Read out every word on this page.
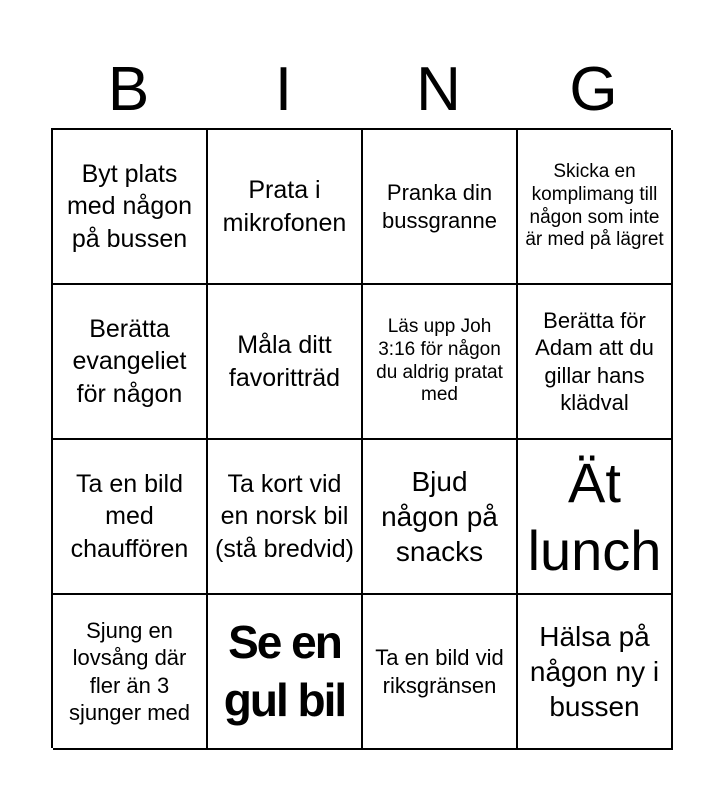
B	I	N	G
Byt plats med någon på bussen
Prata i mikrofonen
Pranka din bussgranne
Skicka en komplimang till någon som inte är med på lägret
Berätta evangeliet för någon
Måla ditt favoritträd
Läs upp Joh 3:16 för någon du aldrig pratat med
Berätta för Adam att du gillar hans klädval
Ta en bild med chauffören
Ta kort vid en norsk bil (stå bredvid)
Bjud någon på snacks
Ät lunch
Sjung en lovsång där fler än 3 sjunger med
Se en gul bil
Ta en bild vid riksgränsen
Hälsa på någon ny i bussen
